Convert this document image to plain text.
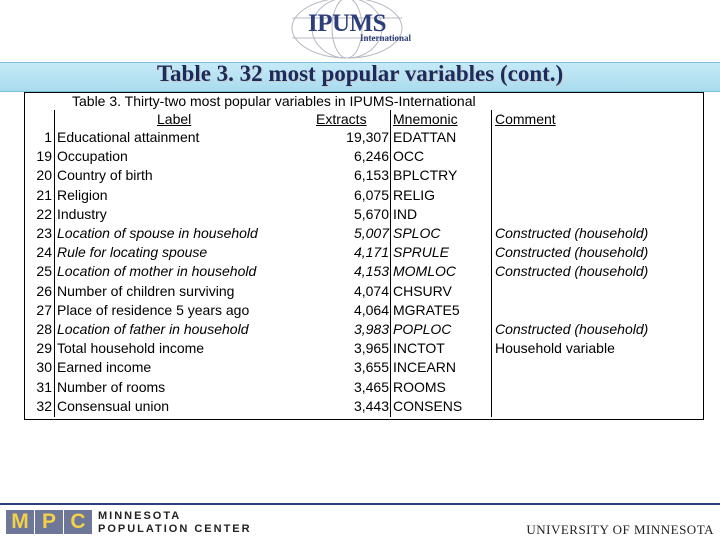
IPUMS
International
Table 3. 32 most popular variables (cont.)
Table 3. Thirty-two most popular variables in IPUMS-International
Label	Extracts Mnemonic	Comment
1 Educational attainment	19,307 EDATTAN
19 Occupation	6,246 OCC
20 Country of birth	6,153 BPLCTRY
21 Religion	6,075 RELIG
22 Industry	5,670 IND
23 Location of spouse in household	5,007 SPLOC	Constructed (household)
24 Rule for locating spouse	4,171 SPRULE	Constructed (household)
25 Location of mother in household	4,153 MOMLOC	Constructed (household)
26 Number of children surviving	4,074 CHSURV
27 Place of residence 5 years ago	4,064 MGRATE5
28 Location of father in household	3,983 POPLOC	Constructed (household)
29 Total household income	3,965 INCTOT	Household variable
30 Earned income	3,655 INCEARN
31 Number of rooms	3,465 ROOMS
32 Consensual union	3,443 CONSENS
M P C	MINNESOTA
POPULATION CENTER	UNIVERSITY OF MINNESOTA
